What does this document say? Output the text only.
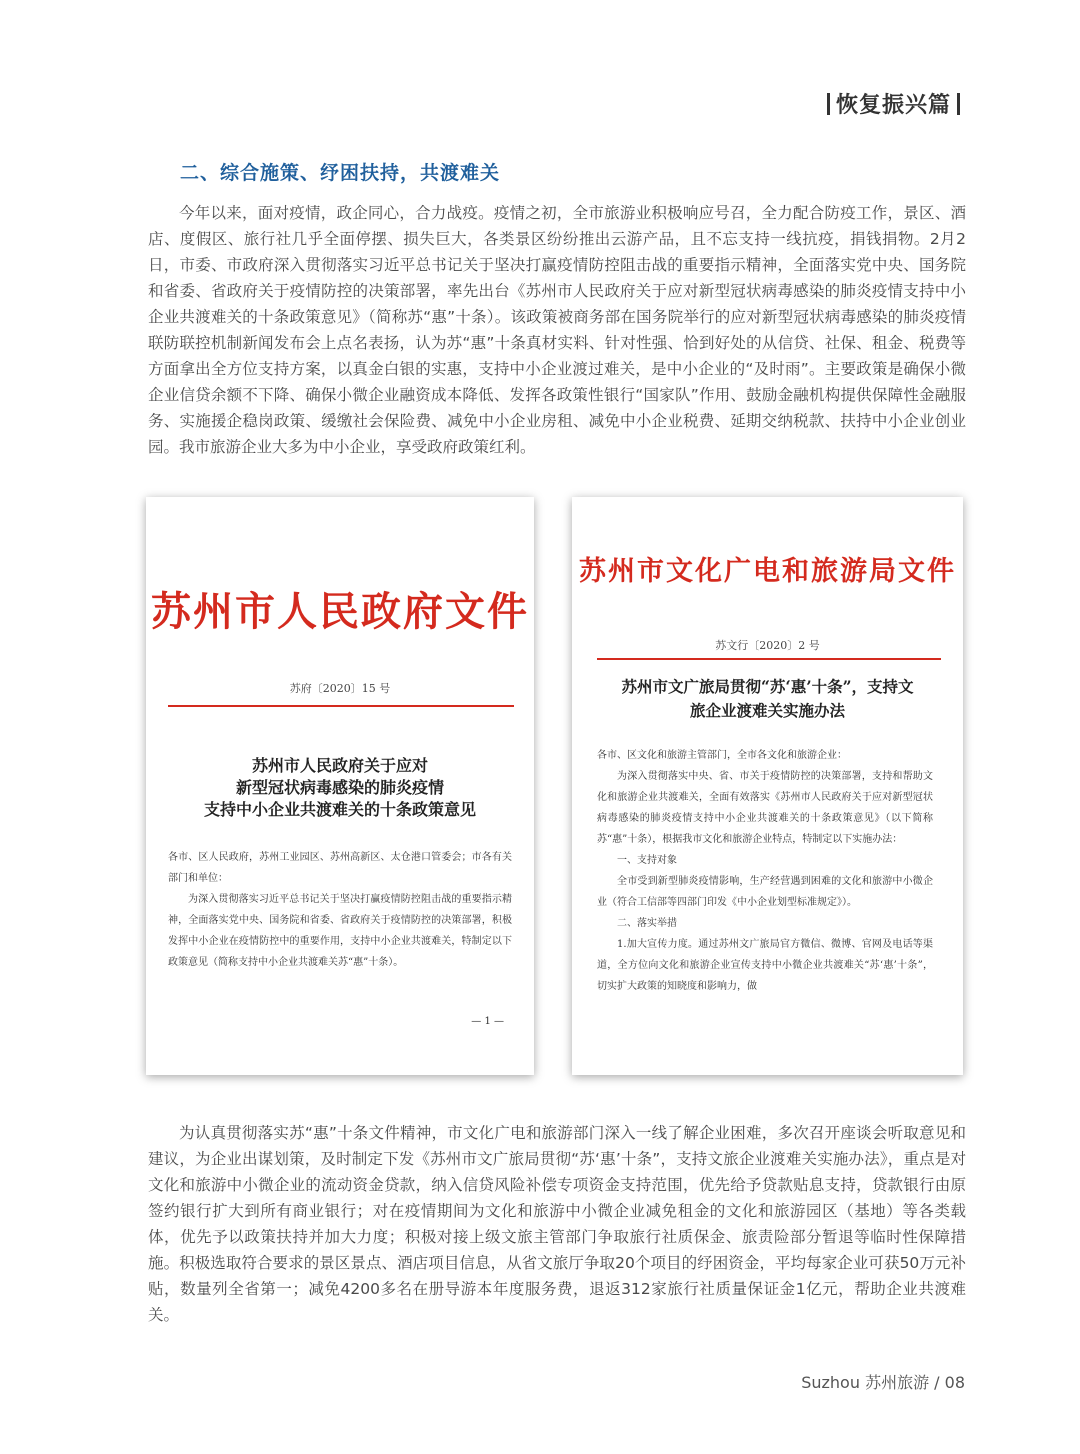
恢复振兴篇
二、综合施策、纾困扶持，共渡难关

今年以来，面对疫情，政企同心，合力战疫。疫情之初，全市旅游业积极响应号召，全力配合防疫工作，景区、酒店、度假区、旅行社几乎全面停摆、损失巨大，各类景区纷纷推出云游产品，且不忘支持一线抗疫，捐钱捐物。2月2日，市委、市政府深入贯彻落实习近平总书记关于坚决打赢疫情防控阻击战的重要指示精神，全面落实党中央、国务院和省委、省政府关于疫情防控的决策部署，率先出台《苏州市人民政府关于应对新型冠状病毒感染的肺炎疫情支持中小企业共渡难关的十条政策意见》（简称苏“惠”十条）。该政策被商务部在国务院举行的应对新型冠状病毒感染的肺炎疫情联防联控机制新闻发布会上点名表扬，认为苏“惠”十条真材实料、针对性强、恰到好处的从信贷、社保、租金、税费等方面拿出全方位支持方案，以真金白银的实惠，支持中小企业渡过难关，是中小企业的“及时雨”。主要政策是确保小微企业信贷余额不下降、确保小微企业融资成本降低、发挥各政策性银行“国家队”作用、鼓励金融机构提供保障性金融服务、实施援企稳岗政策、缓缴社会保险费、减免中小企业房租、减免中小企业税费、延期交纳税款、扶持中小企业创业园。我市旅游企业大多为中小企业，享受政府政策红利。

苏州市人民政府文件
苏府〔2020〕15 号
苏州市人民政府关于应对
新型冠状病毒感染的肺炎疫情
支持中小企业共渡难关的十条政策意见

各市、区人民政府，苏州工业园区、苏州高新区、太仓港口管委会；市各有关部门和单位：

为深入贯彻落实习近平总书记关于坚决打赢疫情防控阻击战的重要指示精神，全面落实党中央、国务院和省委、省政府关于疫情防控的决策部署，积极发挥中小企业在疫情防控中的重要作用，支持中小企业共渡难关，特制定以下政策意见（简称支持中小企业共渡难关苏“惠”十条）。

— 1 —
苏州市文化广电和旅游局文件
苏文行〔2020〕2 号
苏州市文广旅局贯彻“苏‘惠’十条”，支持文
旅企业渡难关实施办法

各市、区文化和旅游主管部门，全市各文化和旅游企业：

为深入贯彻落实中央、省、市关于疫情防控的决策部署，支持和帮助文化和旅游企业共渡难关，全面有效落实《苏州市人民政府关于应对新型冠状病毒感染的肺炎疫情支持中小企业共渡难关的十条政策意见》（以下简称苏“惠”十条），根据我市文化和旅游企业特点，特制定以下实施办法：

一、支持对象

全市受到新型肺炎疫情影响，生产经营遇到困难的文化和旅游中小微企业（符合工信部等四部门印发《中小企业划型标准规定》）。

二、落实举措

1.加大宣传力度。通过苏州文广旅局官方微信、微博、官网及电话等渠道，全方位向文化和旅游企业宣传支持中小微企业共渡难关“苏‘惠’十条”，切实扩大政策的知晓度和影响力，做

为认真贯彻落实苏“惠”十条文件精神，市文化广电和旅游部门深入一线了解企业困难，多次召开座谈会听取意见和建议，为企业出谋划策，及时制定下发《苏州市文广旅局贯彻“苏‘惠’十条”，支持文旅企业渡难关实施办法》，重点是对文化和旅游中小微企业的流动资金贷款，纳入信贷风险补偿专项资金支持范围，优先给予贷款贴息支持，贷款银行由原签约银行扩大到所有商业银行；对在疫情期间为文化和旅游中小微企业减免租金的文化和旅游园区（基地）等各类载体，优先予以政策扶持并加大力度；积极对接上级文旅主管部门争取旅行社质保金、旅责险部分暂退等临时性保障措施。积极选取符合要求的景区景点、酒店项目信息，从省文旅厅争取20个项目的纾困资金，平均每家企业可获50万元补贴，数量列全省第一；减免4200多名在册导游本年度服务费，退返312家旅行社质量保证金1亿元，帮助企业共渡难关。

Suzhou 苏州旅游 / 08
